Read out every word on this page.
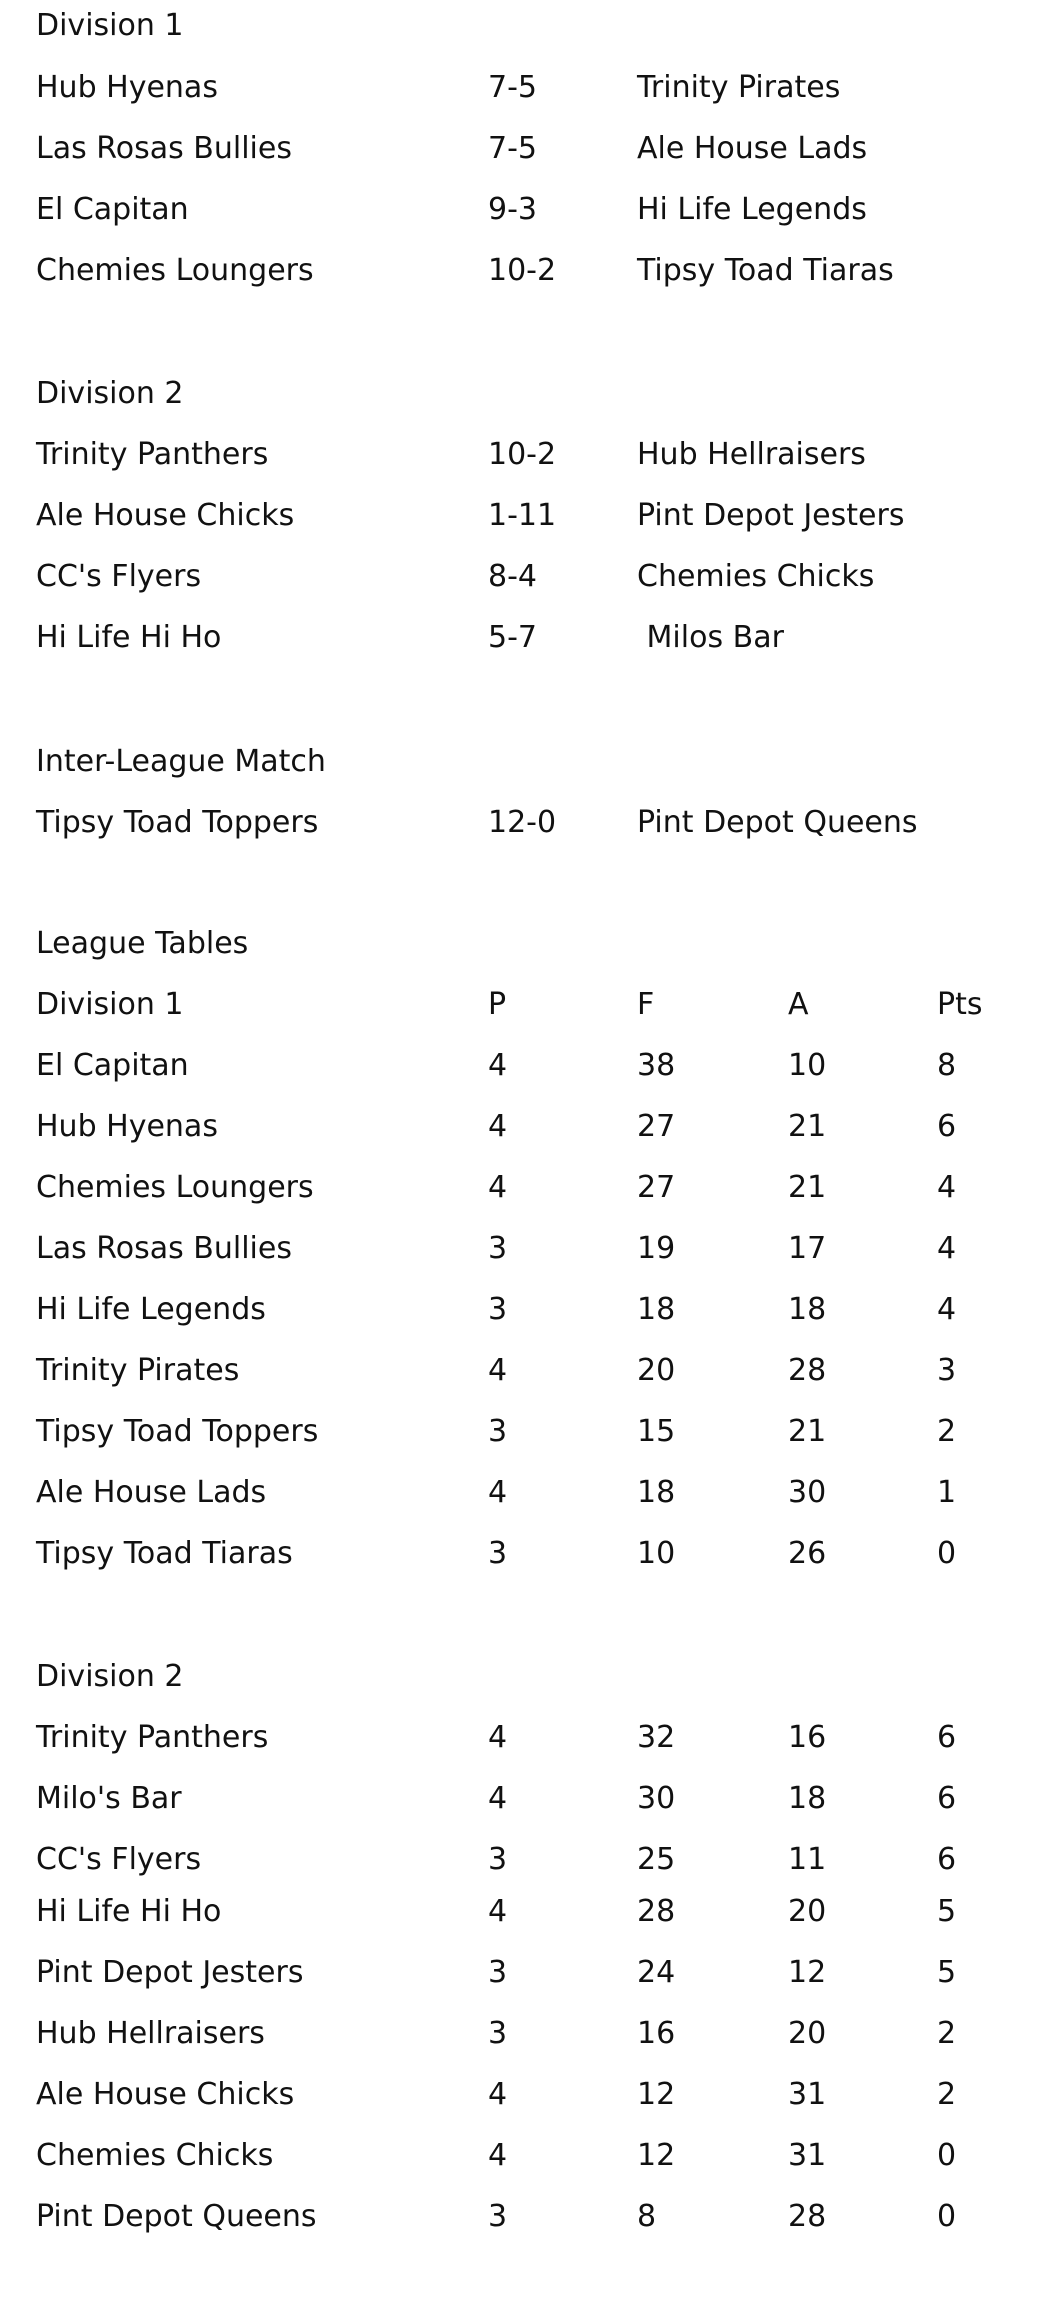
Division 1
Hub Hyenas	7-5	Trinity Pirates
Las Rosas Bullies	7-5	Ale House Lads
El Capitan	9-3	Hi Life Legends
Chemies Loungers	10-2	Tipsy Toad Tiaras
Division 2
Trinity Panthers	10-2	Hub Hellraisers
Ale House Chicks	1-11	Pint Depot Jesters
CC's Flyers	8-4	Chemies Chicks
Hi Life Hi Ho	5-7	Milos Bar
Inter-League Match
Tipsy Toad Toppers	12-0	Pint Depot Queens
League Tables
Division 1	P	F	A	Pts
El Capitan	4	38	10	8
Hub Hyenas	4	27	21	6
Chemies Loungers	4	27	21	4
Las Rosas Bullies	3	19	17	4
Hi Life Legends	3	18	18	4
Trinity Pirates	4	20	28	3
Tipsy Toad Toppers	3	15	21	2
Ale House Lads	4	18	30	1
Tipsy Toad Tiaras	3	10	26	0
Division 2
Trinity Panthers	4	32	16	6
Milo's Bar	4	30	18	6
CC's Flyers	3	25	11	6
Hi Life Hi Ho	4	28	20	5
Pint Depot Jesters	3	24	12	5
Hub Hellraisers	3	16	20	2
Ale House Chicks	4	12	31	2
Chemies Chicks	4	12	31	0
Pint Depot Queens	3	8	28	0
